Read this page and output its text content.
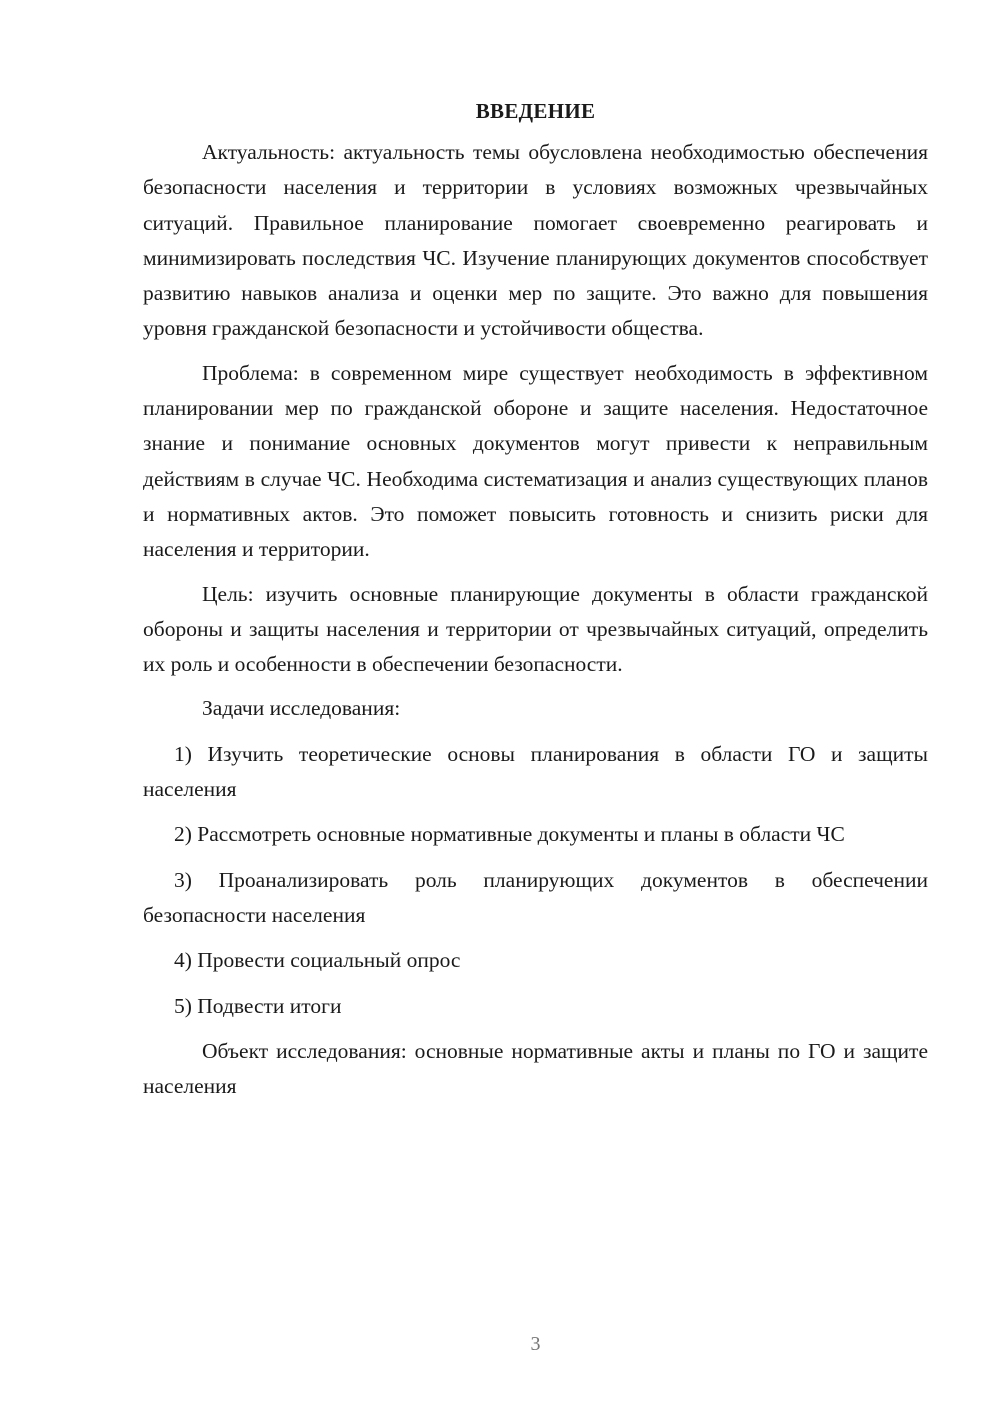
ВВЕДЕНИЕ

Актуальность: актуальность темы обусловлена необходимостью обеспечения безопасности населения и территории в условиях возможных чрезвычайных ситуаций. Правильное планирование помогает своевременно реагировать и минимизировать последствия ЧС. Изучение планирующих документов способствует развитию навыков анализа и оценки мер по защите. Это важно для повышения уровня гражданской безопасности и устойчивости общества.

Проблема: в современном мире существует необходимость в эффективном планировании мер по гражданской обороне и защите населения. Недостаточное знание и понимание основных документов могут привести к неправильным действиям в случае ЧС. Необходима систематизация и анализ существующих планов и нормативных актов. Это поможет повысить готовность и снизить риски для населения и территории.

Цель: изучить основные планирующие документы в области гражданской обороны и защиты населения и территории от чрезвычайных ситуаций, определить их роль и особенности в обеспечении безопасности.

Задачи исследования:

1) Изучить теоретические основы планирования в области ГО и защиты населения

2) Рассмотреть основные нормативные документы и планы в области ЧС

3) Проанализировать роль планирующих документов в обеспечении безопасности населения

4) Провести социальный опрос

5) Подвести итоги

Объект исследования: основные нормативные акты и планы по ГО и защите населения

3
